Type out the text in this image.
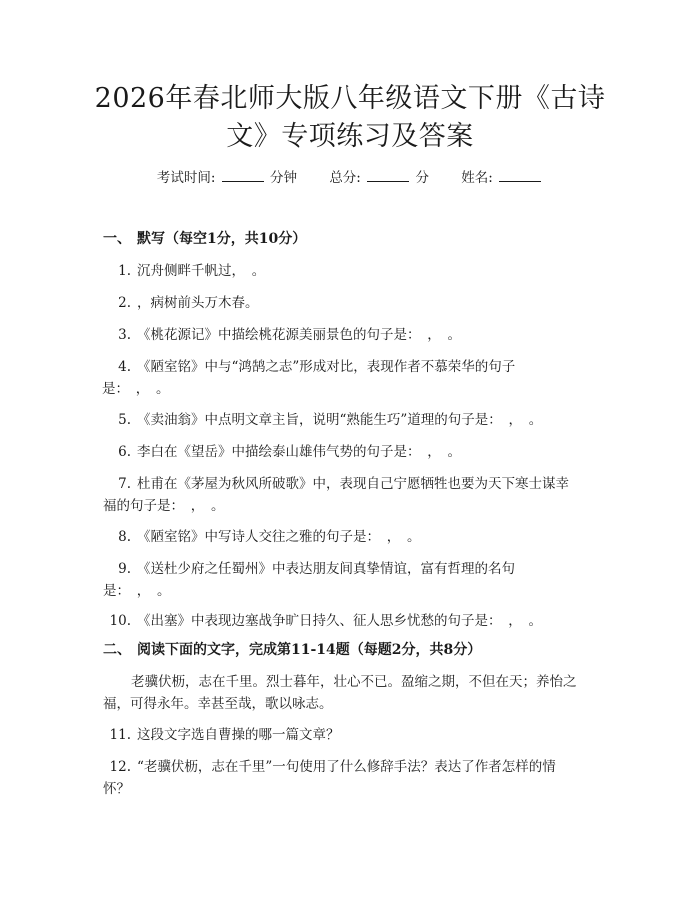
2026年春北师大版八年级语文下册《古诗
文》专项练习及答案
考试时间:	分钟 总分:	分 姓名:
一、 默写（每空1分，共10分）
1. 沉舟侧畔千帆过，　。
2. ，病树前头万木春。
3. 《桃花源记》中描绘桃花源美丽景色的句子是：　，　。
4. 《陋室铭》中与“鸿鹄之志”形成对比，表现作者不慕荣华的句子
是：　，　。
5. 《卖油翁》中点明文章主旨，说明“熟能生巧”道理的句子是：　，　。
6. 李白在《望岳》中描绘泰山雄伟气势的句子是：　，　。
7. 杜甫在《茅屋为秋风所破歌》中，表现自己宁愿牺牲也要为天下寒士谋幸
福的句子是：　，　。
8. 《陋室铭》中写诗人交往之雅的句子是：　，　。
9. 《送杜少府之任蜀州》中表达朋友间真挚情谊，富有哲理的名句
是：　，　。
10. 《出塞》中表现边塞战争旷日持久、征人思乡忧愁的句子是：　，　。
二、 阅读下面的文字，完成第11-14题（每题2分，共8分）
老骥伏枥，志在千里。烈士暮年，壮心不已。盈缩之期，不但在天；养怡之
福，可得永年。幸甚至哉，歌以咏志。
11. 这段文字选自曹操的哪一篇文章？
12. “老骥伏枥，志在千里”一句使用了什么修辞手法？表达了作者怎样的情
怀？
